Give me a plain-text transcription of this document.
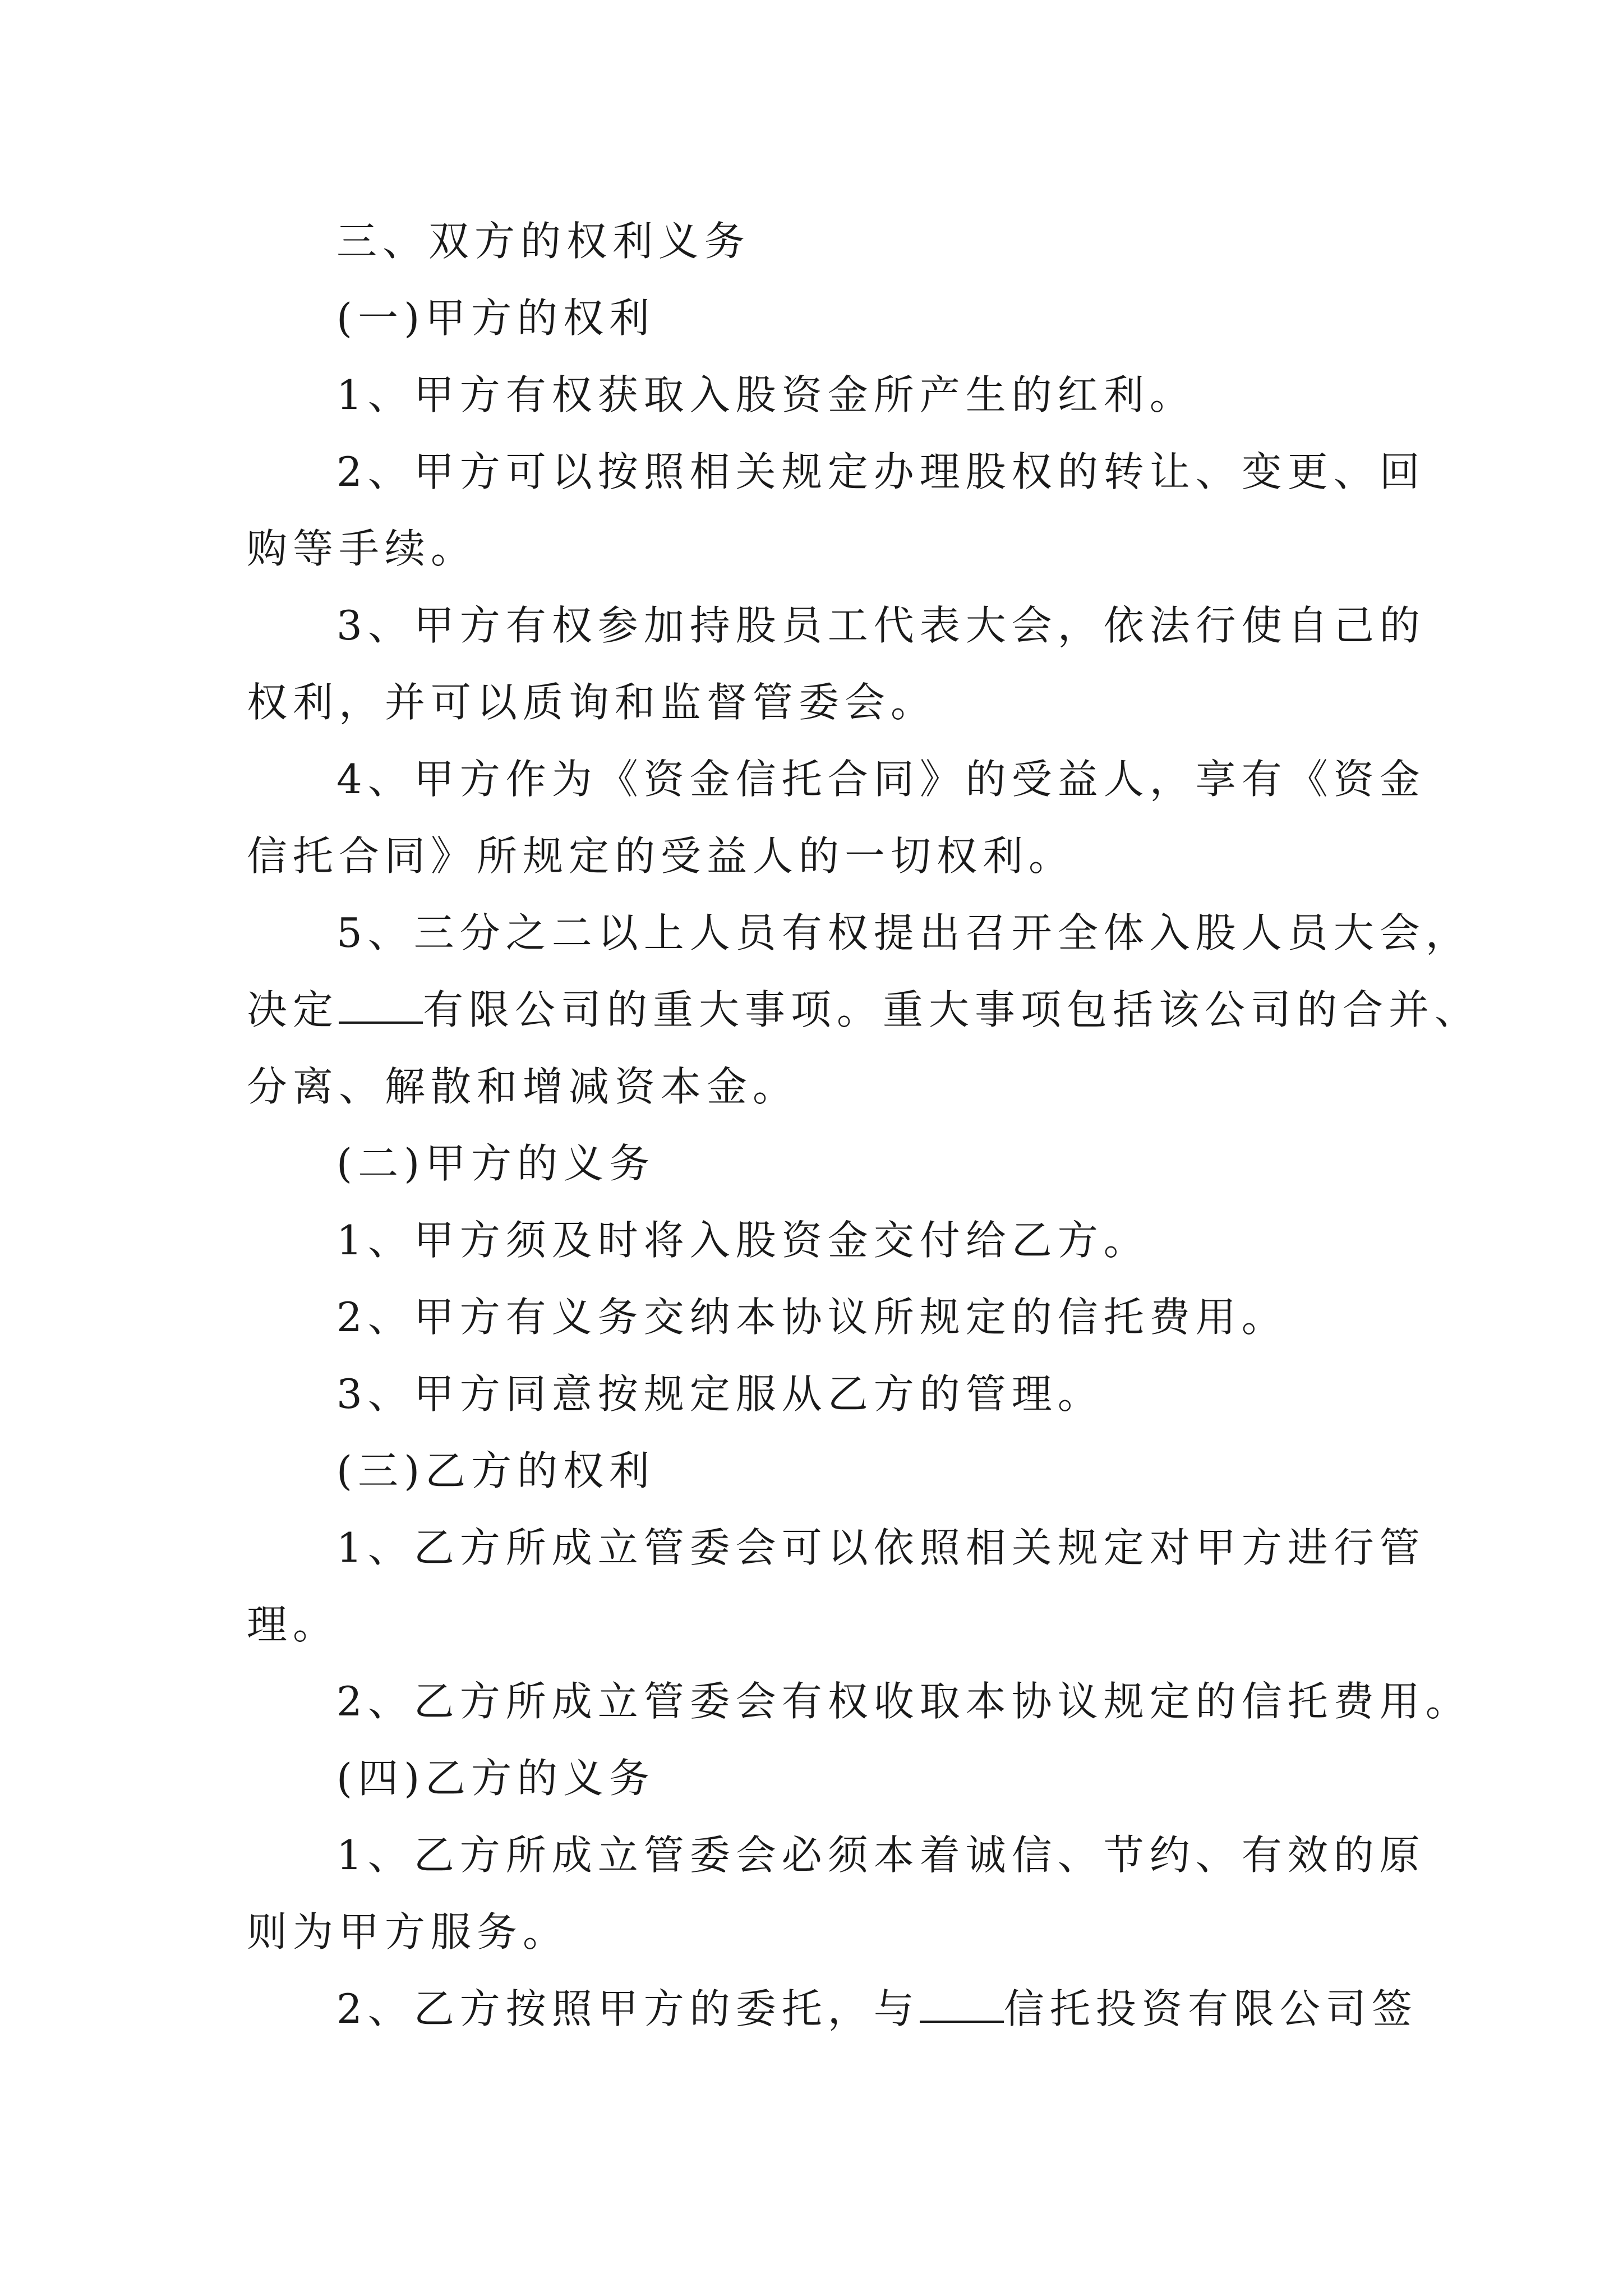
三、双方的权利义务
(一)甲方的权利
1、甲方有权获取入股资金所产生的红利。
2、甲方可以按照相关规定办理股权的转让、变更、回
购等手续。
3、甲方有权参加持股员工代表大会，依法行使自己的
权利，并可以质询和监督管委会。
4、甲方作为《资金信托合同》的受益人，享有《资金
信托合同》所规定的受益人的一切权利。
5、三分之二以上人员有权提出召开全体入股人员大会，
决定 有限公司的重大事项。重大事项包括该公司的合并、
分离、解散和增减资本金。
(二)甲方的义务
1、甲方须及时将入股资金交付给乙方。
2、甲方有义务交纳本协议所规定的信托费用。
3、甲方同意按规定服从乙方的管理。
(三)乙方的权利
1、乙方所成立管委会可以依照相关规定对甲方进行管
理。
2、乙方所成立管委会有权收取本协议规定的信托费用。
(四)乙方的义务
1、乙方所成立管委会必须本着诚信、节约、有效的原
则为甲方服务。
2、乙方按照甲方的委托，与 信托投资有限公司签
